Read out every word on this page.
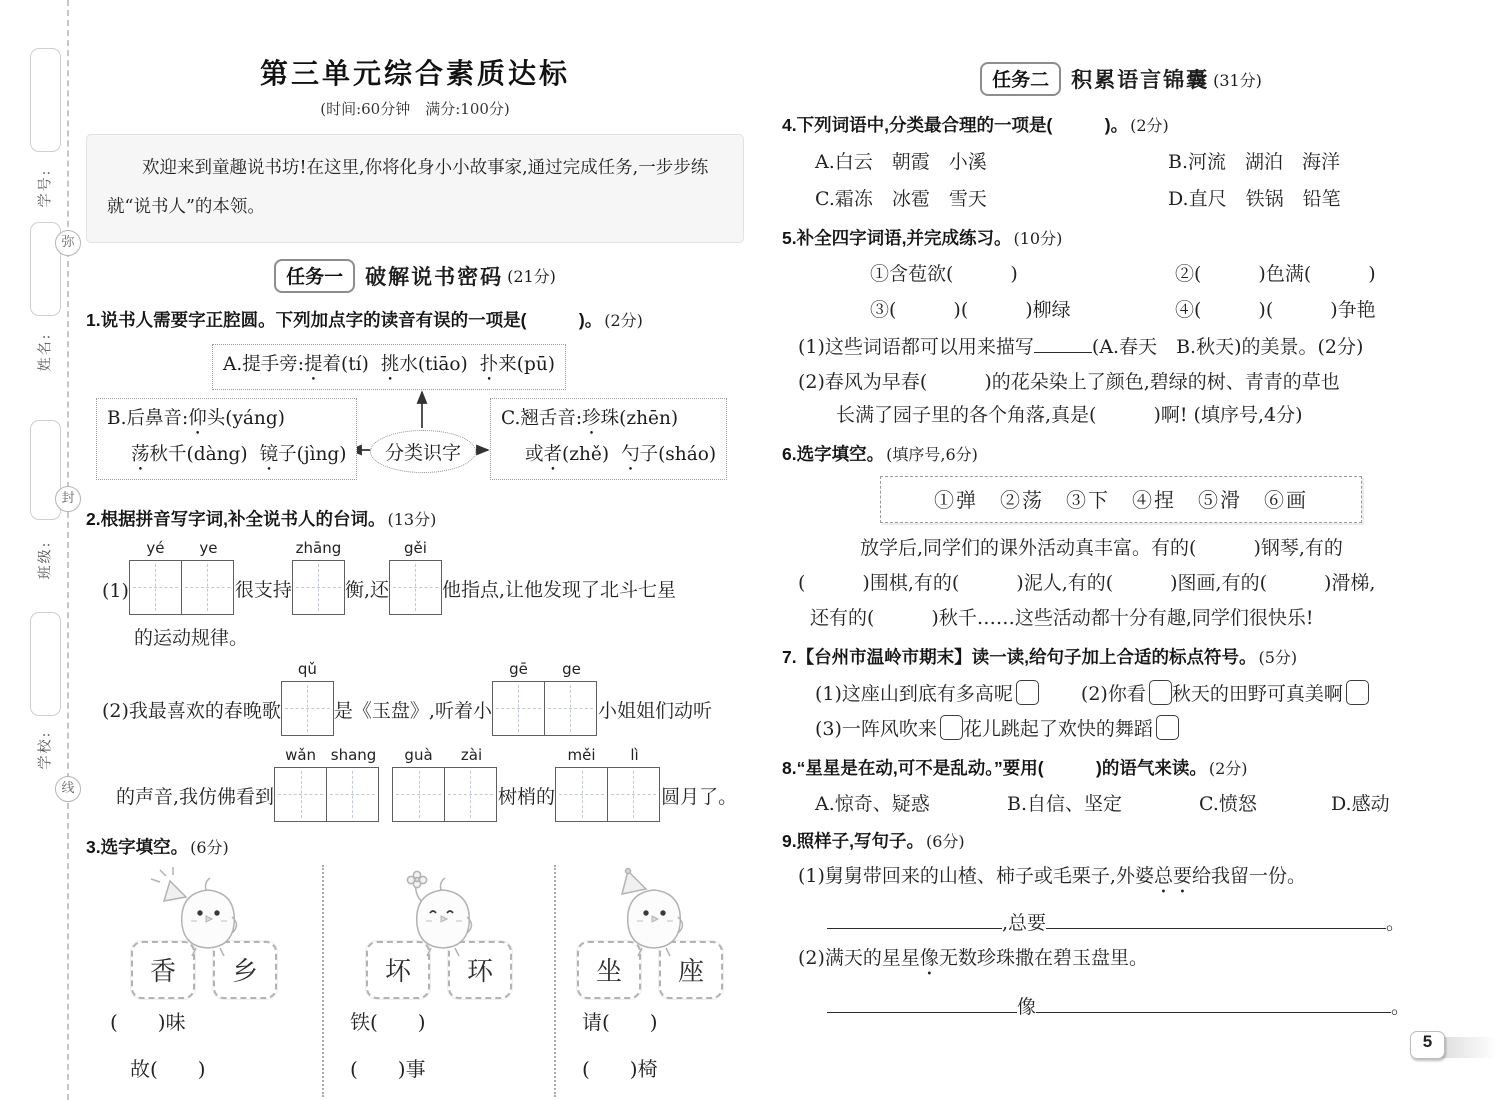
学号:
姓名:
班级:
学校:
弥
封
线
第三单元综合素质达标
(时间:60分钟　满分:100分)
欢迎来到童趣说书坊!在这里,你将化身小小故事家,通过完成任务,一步步练就“说书人”的本领。
任务一 破解说书密码 (21分)
1.说书人需要字正腔圆。下列加点字的读音有误的一项是(　　　)。 (2分)
A.提手旁:提着(tí) 挑水(tiāo) 扑来(pū)
B.后鼻音:仰头(yáng)
荡秋千(dàng) 镜子(jìng)
C.翘舌音:珍珠(zhēn)
或者(zhě) 勺子(sháo)
分类识字
2.根据拼音写字词,补全说书人的台词。 (13分)
(1)
yé	ye
很支持
zhāng
衡,还
gěi
他指点,让他发现了北斗七星
的运动规律。
(2)我最喜欢的春晚歌
qǔ
是《玉盘》,听着小
gē	ge
小姐姐们动听
的声音,我仿佛看到
wǎn shang	guà	zài
树梢的
měi	lì
圆月了。
3.选字填空。 (6分)
香	乡
(　　)味
故(　　)
坏	环
铁(　　)
(　　)事
坐	座
请(　　)
(　　)椅
任务二 积累语言锦囊 (31分)
4.下列词语中,分类最合理的一项是(　　　)。 (2分)
A.白云　朝霞　小溪	B.河流　湖泊　海洋
C.霜冻　冰雹　雪天	D.直尺　铁锅　铅笔
5.补全四字词语,并完成练习。 (10分)
①含苞欲(　　　)	②(　　　)色满(　　　)
③(　　　)(　　　)柳绿	④(　　　)(　　　)争艳
(1)这些词语都可以用来描写	(A.春天　B.秋天)的美景。(2分)
(2)春风为早春(　　　)的花朵染上了颜色,碧绿的树、青青的草也
长满了园子里的各个角落,真是(　　　)啊! (填序号,4分)
6.选字填空。 (填序号,6分)
①弹　②荡　③下　④捏　⑤滑　⑥画
放学后,同学们的课外活动真丰富。有的(　　　)钢琴,有的
(　　　)围棋,有的(　　　)泥人,有的(　　　)图画,有的(　　　)滑梯,
还有的(　　　)秋千……这些活动都十分有趣,同学们很快乐!
7.【台州市温岭市期末】读一读,给句子加上合适的标点符号。 (5分)
(1)这座山到底有多高呢	(2)你看 秋天的田野可真美啊
(3)一阵风吹来 花儿跳起了欢快的舞蹈
8.“星星是在动,可不是乱动。”要用(　　　)的语气来读。 (2分)
A.惊奇、疑惑	B.自信、坚定	C.愤怒	D.感动
9.照样子,写句子。 (6分)
(1)舅舅带回来的山楂、柿子或毛栗子,外婆总要给我留一份。
,总要	。
(2)满天的星星像无数珍珠撒在碧玉盘里。
像	。
5
